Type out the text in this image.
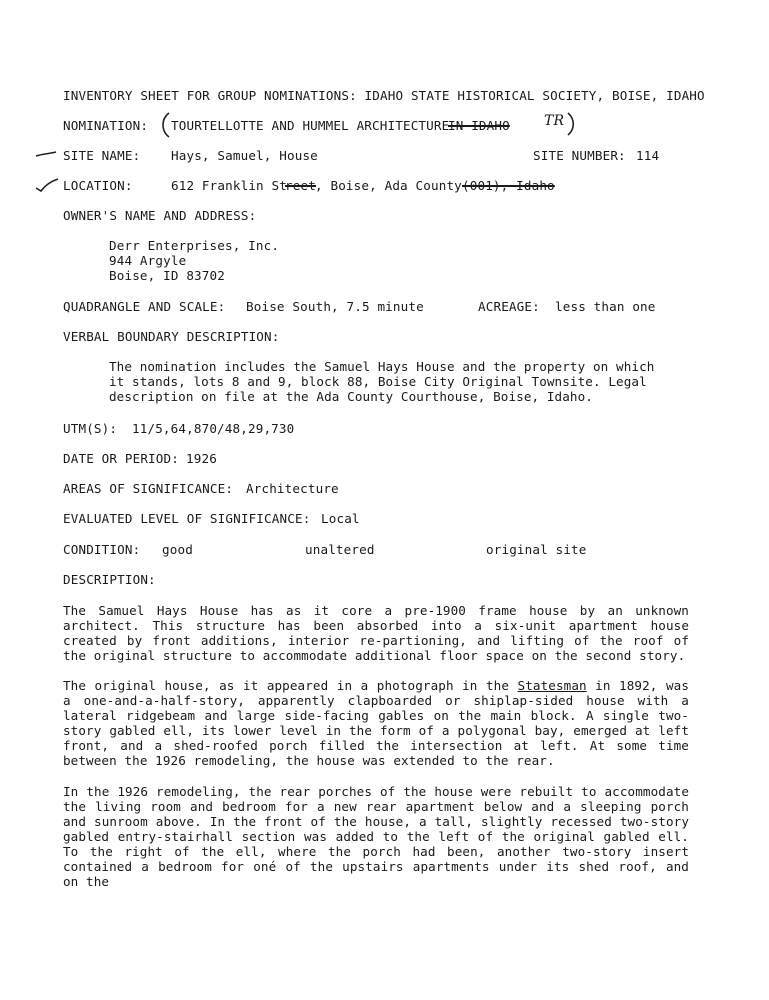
INVENTORY SHEET FOR GROUP NOMINATIONS: IDAHO STATE HISTORICAL SOCIETY, BOISE, IDAHO
NOMINATION: TOURTELLOTTE AND HUMMEL ARCHITECTURE
IN IDAHO TR
SITE NAME: Hays, Samuel, House	SITE NUMBER: 114
LOCATION:	612 Franklin St
reet , Boise, Ada County (001), Idaho
OWNER'S NAME AND ADDRESS:
Derr Enterprises, Inc.
944 Argyle
Boise, ID 83702
QUADRANGLE AND SCALE: Boise South, 7.5 minute	ACREAGE: less than one
VERBAL BOUNDARY DESCRIPTION:
The nomination includes the Samuel Hays House and the property on which it stands, lots 8 and 9, block 88, Boise City Original Townsite. Legal description on file at the Ada County Courthouse, Boise, Idaho.
UTM(S): 11/5,64,870/48,29,730
DATE OR PERIOD: 1926
AREAS OF SIGNIFICANCE: Architecture
EVALUATED LEVEL OF SIGNIFICANCE: Local
CONDITION: good	unaltered	original site
DESCRIPTION:
The Samuel Hays House has as it core a pre-1900 frame house by an unknown architect. This structure has been absorbed into a six-unit apartment house created by front additions, interior re-partioning, and lifting of the roof of the original structure to accommodate additional floor space on the second story.
The original house, as it appeared in a photograph in the Statesman in 1892, was a one-and-a-half-story, apparently clapboarded or shiplap-sided house with a lateral ridgebeam and large side-facing gables on the main block. A single two-story gabled ell, its lower level in the form of a polygonal bay, emerged at left front, and a shed-roofed porch filled the intersection at left. At some time between the 1926 remodeling, the house was extended to the rear.
In the 1926 remodeling, the rear porches of the house were rebuilt to accommodate the living room and bedroom for a new rear apartment below and a sleeping porch and sunroom above. In the front of the house, a tall, slightly recessed two-story gabled entry-stairhall section was added to the left of the original gabled ell. To the right of the ell, where the porch had been, another two-story insert contained a bedroom for oné of the upstairs apartments under its shed roof, and on the
